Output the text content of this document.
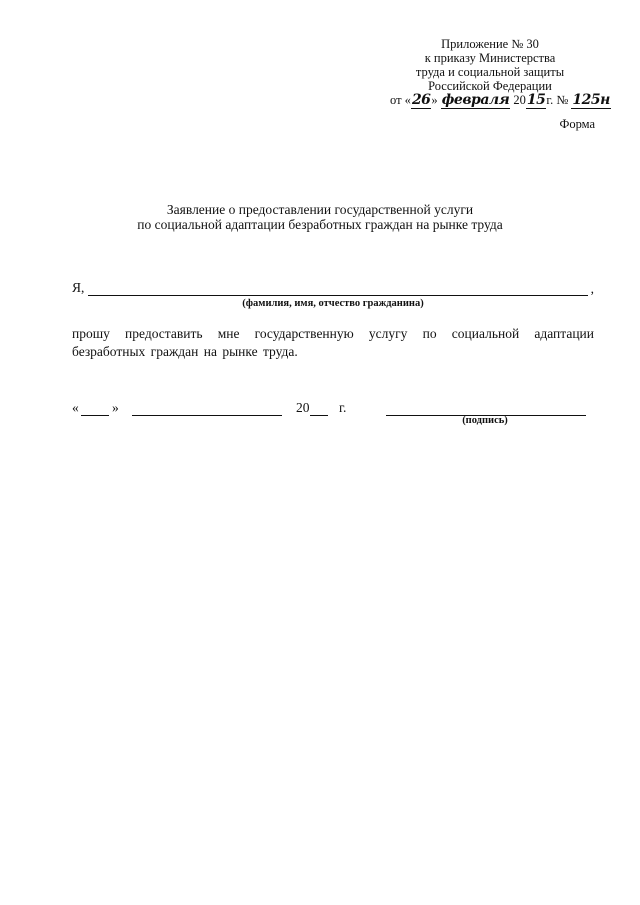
Приложение № 30
к приказу Министерства
труда и социальной защиты
Российской Федерации
от «26» февраля 2015г. № 125н
Форма
Заявление о предоставлении государственной услуги
по социальной адаптации безработных граждан на рынке труда
Я,	,
(фамилия, имя, отчество гражданина)
прошу предоставить мне государственную услугу по социальной адаптации безработных граждан на рынке труда.
« »	20 г.
(подпись)
